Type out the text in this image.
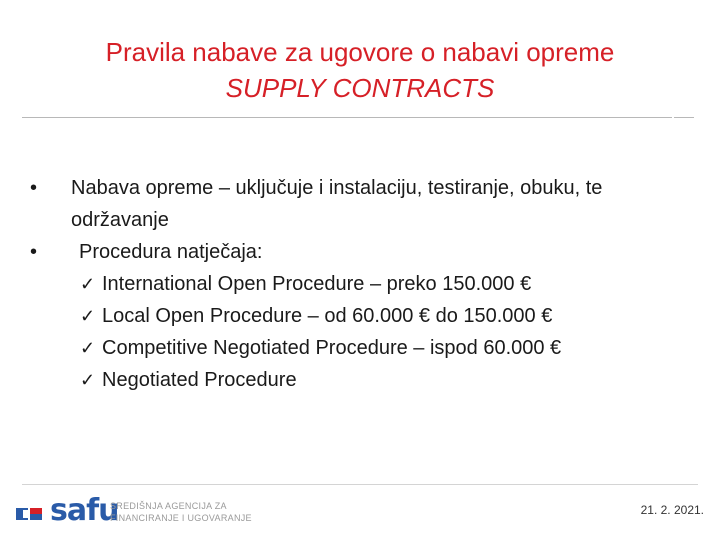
Pravila nabave za ugovore o nabavi opreme
SUPPLY CONTRACTS
•	Nabava opreme – uključuje i instalaciju, testiranje, obuku, te održavanje
•	Procedura natječaja:
✓ International Open Procedure – preko 150.000 €
✓ Local Open Procedure – od 60.000 € do 150.000 €
✓ Competitive Negotiated Procedure – ispod 60.000 €
✓ Negotiated Procedure
safu
SREDIŠNJA AGENCIJA ZA
FINANCIRANJE I UGOVARANJE
21. 2. 2021.
